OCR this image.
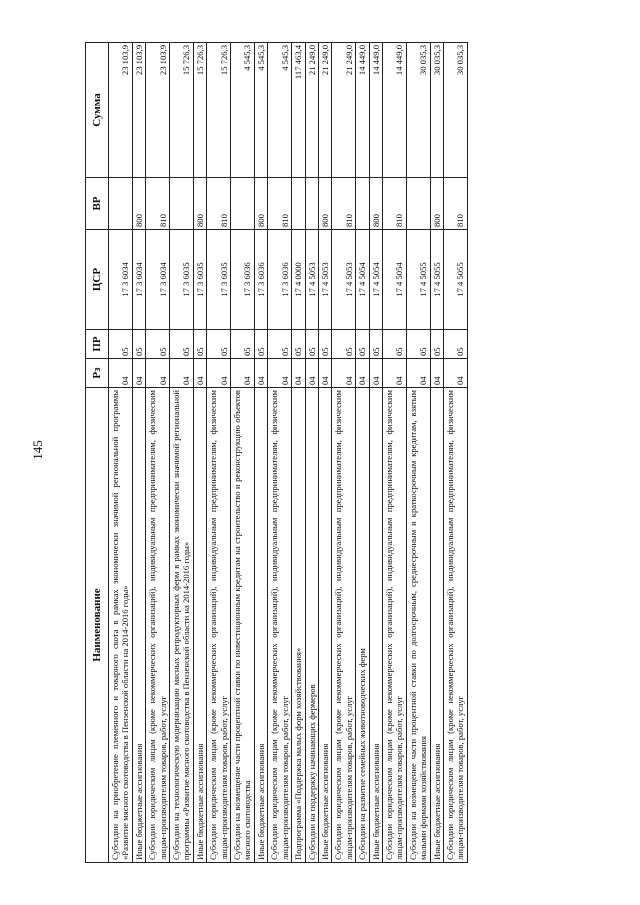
145
Наименование	Рз	ПР	ЦСР	ВР	Сумма
Субсидии на приобретение племенного и товарного скота в рамках экономически значимой региональной программы «Развитие мясного скотоводства в Пензенской области на 2014-2016 годы»	04	05	17 3 6034		23 103,9
Иные бюджетные ассигнования	04	05	17 3 6034	800	23 103,9
Субсидии юридическим лицам (кроме некоммерческих организаций), индивидуальным предпринимателям, физическим лицам-производителям товаров, работ, услуг	04	05	17 3 6034	810	23 103,9
Субсидии на технологическую модернизацию мясных репродукторных ферм в рамках экономически значимой региональной программы «Развитие мясного скотоводства в Пензенской области на 2014-2016 годы»	04	05	17 3 6035		15 726,3
Иные бюджетные ассигнования	04	05	17 3 6035	800	15 726,3
Субсидии юридическим лицам (кроме некоммерческих организаций), индивидуальным предпринимателям, физическим лицам-производителям товаров, работ, услуг	04	05	17 3 6035	810	15 726,3
Субсидии на возмещение части процентной ставки по инвестиционным кредитам на строительство и реконструкцию объектов мясного скотоводства	04	05	17 3 6036		4 545,3
Иные бюджетные ассигнования	04	05	17 3 6036	800	4 545,3
Субсидии юридическим лицам (кроме некоммерческих организаций), индивидуальным предпринимателям, физическим лицам-производителям товаров, работ, услуг	04	05	17 3 6036	810	4 545,3
Подпрограмма «Поддержка малых форм хозяйствования»	04	05	17 4 0000		117 463,4
Субсидии на поддержку начинающих фермеров	04	05	17 4 5053		21 249,0
Иные бюджетные ассигнования	04	05	17 4 5053	800	21 249,0
Субсидии юридическим лицам (кроме некоммерческих организаций), индивидуальным предпринимателям, физическим лицам-производителям товаров, работ, услуг	04	05	17 4 5053	810	21 249,0
Субсидии на развитие семейных животноводческих ферм	04	05	17 4 5054		14 449,0
Иные бюджетные ассигнования	04	05	17 4 5054	800	14 449,0
Субсидии юридическим лицам (кроме некоммерческих организаций), индивидуальным предпринимателям, физическим лицам-производителям товаров, работ, услуг	04	05	17 4 5054	810	14 449,0
Субсидии на возмещение части процентной ставки по долгосрочным, среднесрочным и краткосрочным кредитам, взятым малыми формами хозяйствования	04	05	17 4 5055		30 035,3
Иные бюджетные ассигнования	04	05	17 4 5055	800	30 035,3
Субсидии юридическим лицам (кроме некоммерческих организаций), индивидуальным предпринимателям, физическим лицам-производителям товаров, работ, услуг	04	05	17 4 5055	810	30 035,3
